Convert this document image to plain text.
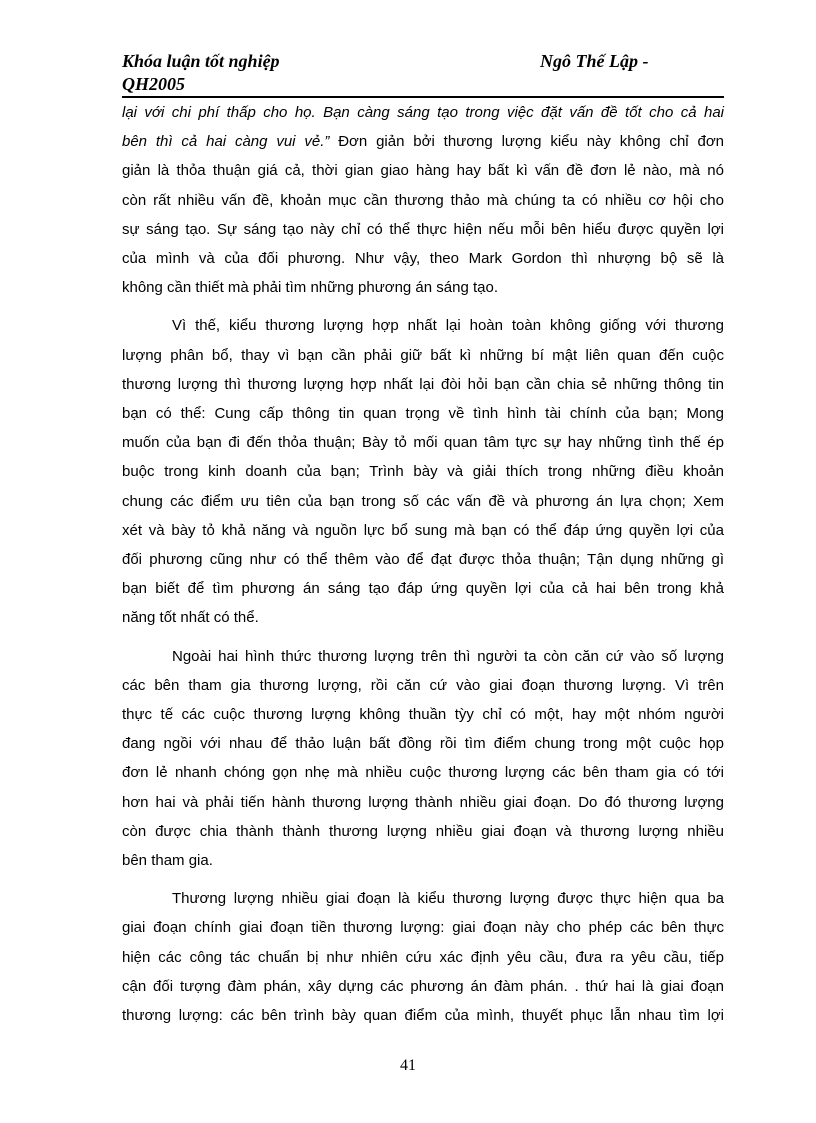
Khóa luận tốt nghiệp	Ngô Thế Lập -
QH2005
lại với chi phí thấp cho họ. Bạn càng sáng tạo trong việc đặt vấn đề tốt cho cả hai
bên thì cả hai càng vui vẻ.” Đơn giản bởi thương lượng kiểu này không chỉ đơn
giản là thỏa thuận giá cả, thời gian giao hàng hay bất kì vấn đề đơn lẻ nào, mà nó
còn rất nhiều vấn đề, khoản mục cần thương thảo mà chúng ta có nhiều cơ hội cho
sự sáng tạo. Sự sáng tạo này chỉ có thể thực hiện nếu mỗi bên hiểu được quyền lợi
của mình và của đối phương. Như vậy, theo Mark Gordon thì nhượng bộ sẽ là
không cần thiết mà phải tìm những phương án sáng tạo.
Vì thế, kiểu thương lượng hợp nhất lại hoàn toàn không giống với thương
lượng phân bổ, thay vì bạn cần phải giữ bất kì những bí mật liên quan đến cuộc
thương lượng thì thương lượng hợp nhất lại đòi hỏi bạn cần chia sẻ những thông tin
bạn có thể: Cung cấp thông tin quan trọng về tình hình tài chính của bạn; Mong
muốn của bạn đi đến thỏa thuận; Bày tỏ mối quan tâm tực sự hay những tình thế ép
buộc trong kinh doanh của bạn; Trình bày và giải thích trong những điều khoản
chung các điểm ưu tiên của bạn trong số các vấn đề và phương án lựa chọn; Xem
xét và bày tỏ khả năng và nguồn lực bổ sung mà bạn có thể đáp ứng quyền lợi của
đối phương cũng như có thể thêm vào để đạt được thỏa thuận; Tận dụng những gì
bạn biết để tìm phương án sáng tạo đáp ứng quyền lợi của cả hai bên trong khả
năng tốt nhất có thể.
Ngoài hai hình thức thương lượng trên thì người ta còn căn cứ vào số lượng
các bên tham gia thương lượng, rồi căn cứ vào giai đoạn thương lượng. Vì trên
thực tế các cuộc thương lượng không thuần tỳy chỉ có một, hay một nhóm người
đang ngồi với nhau để thảo luận bất đồng rồi tìm điểm chung trong một cuộc họp
đơn lẻ nhanh chóng gọn nhẹ mà nhiều cuộc thương lượng các bên tham gia có tới
hơn hai và phải tiến hành thương lượng thành nhiều giai đoạn. Do đó thương lượng
còn được chia thành thành thương lượng nhiều giai đoạn và thương lượng nhiều
bên tham gia.
Thương lượng nhiều giai đoạn là kiểu thương lượng được thực hiện qua ba
giai đoạn chính giai đoạn tiền thương lượng: giai đoạn này cho phép các bên thực
hiện các công tác chuẩn bị như nhiên cứu xác định yêu cầu, đưa ra yêu cầu, tiếp
cận đối tượng đàm phán, xây dựng các phương án đàm phán. . thứ hai là giai đoạn
thương lượng: các bên trình bày quan điểm của mình, thuyết phục lẫn nhau tìm lợi
41
